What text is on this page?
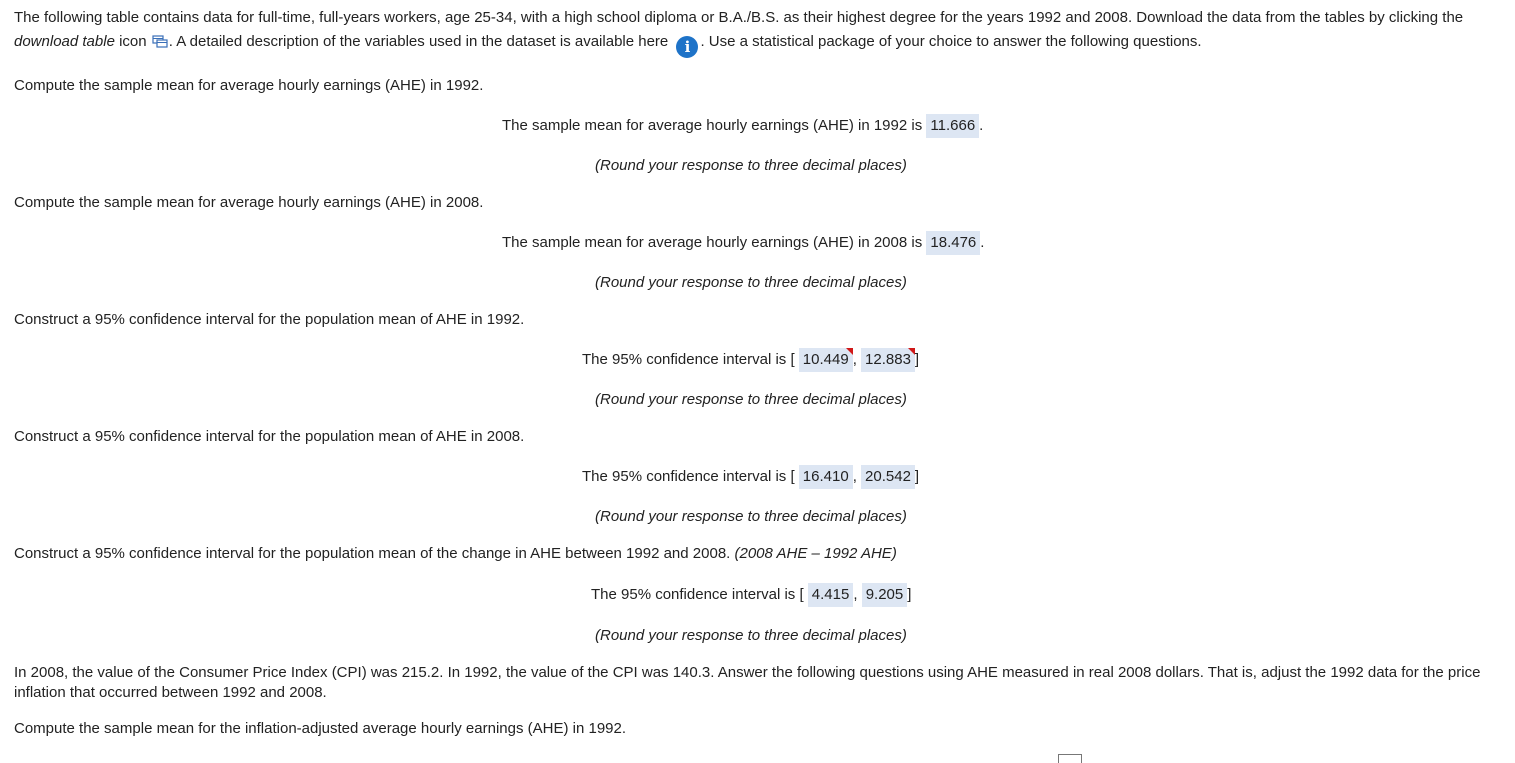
The following table contains data for full-time, full-years workers, age 25-34, with a high school diploma or B.A./B.S. as their highest degree for the years 1992 and 2008. Download the data from the tables by clicking the download table icon . A detailed description of the variables used in the dataset is available here i . Use a statistical package of your choice to answer the following questions.
Compute the sample mean for average hourly earnings (AHE) in 1992.
The sample mean for average hourly earnings (AHE) in 1992 is 11.666 .
(Round your response to three decimal places)
Compute the sample mean for average hourly earnings (AHE) in 2008.
The sample mean for average hourly earnings (AHE) in 2008 is 18.476 .
(Round your response to three decimal places)
Construct a 95% confidence interval for the population mean of AHE in 1992.
The 95% confidence interval is [ 10.449 , 12.883 ]
(Round your response to three decimal places)
Construct a 95% confidence interval for the population mean of AHE in 2008.
The 95% confidence interval is [ 16.410 , 20.542 ]
(Round your response to three decimal places)
Construct a 95% confidence interval for the population mean of the change in AHE between 1992 and 2008. (2008 AHE – 1992 AHE)
The 95% confidence interval is [ 4.415 , 9.205 ]
(Round your response to three decimal places)
In 2008, the value of the Consumer Price Index (CPI) was 215.2. In 1992, the value of the CPI was 140.3. Answer the following questions using AHE measured in real 2008 dollars. That is, adjust the 1992 data for the price inflation that occurred between 1992 and 2008.
Compute the sample mean for the inflation-adjusted average hourly earnings (AHE) in 1992.
